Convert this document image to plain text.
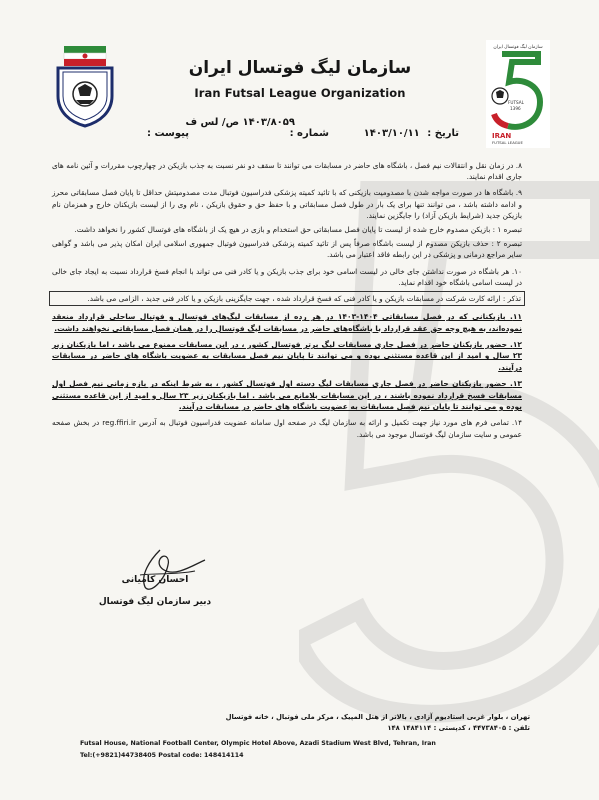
سازمان لیگ فوتسال ایران
FUTSAL
1396
IRAN
FUTSAL LEAGUE
سازمان لیگ فوتسال ایران
Iran Futsal League Organization
تاریخ : ۱۴۰۳/۱۰/۱۱
شماره :
۱۴۰۳/۸۰۵۹ ص/ لس ف
پیوست :

۸. در زمان نقل و انتقالات نیم فصل ، باشگاه های حاضر در مسابقات می توانند تا سقف دو نفر نسبت به جذب بازیکن در چهارچوب مقررات و آئین نامه های جاری اقدام نمایند.

۹. باشگاه ها در صورت مواجه شدن با مصدومیت بازیکنی که با تائید کمیته پزشکی فدراسیون فوتبال مدت مصدومیتش حداقل تا پایان فصل مسابقاتی محرز و ادامه داشته باشد ، می توانند تنها برای یک بار در طول فصل مسابقاتی و با حفظ حق و حقوق بازیکن ، نام وی را از لیست بازیکنان خارج و همزمان نام بازیکن جدید (شرایط بازیکن آزاد) را جایگزین نمایند.

تبصره ۱ : بازیکن مصدوم خارج شده از لیست تا پایان فصل مسابقاتی حق استخدام و بازی در هیچ یک از باشگاه های فوتسال کشور را نخواهد داشت.

تبصره ۲ : حذف بازیکن مصدوم از لیست باشگاه صرفاً پس از تائید کمیته پزشکی فدراسیون فوتبال جمهوری اسلامی ایران امکان پذیر می باشد و گواهی سایر مراجع درمانی و پزشکی در این رابطه فاقد اعتبار می باشد.

۱۰. هر باشگاه در صورت نداشتن جای خالی در لیست اسامی خود برای جذب بازیکن و یا کادر فنی می تواند با انجام فسخ قرارداد نسبت به ایجاد جای خالی در لیست اسامی باشگاه خود اقدام نماید.

تذکر : ارائه کارت شرکت در مسابقات بازیکن و یا کادر فنی که فسخ قرارداد شده ، جهت جایگزینی بازیکن و یا کادر فنی جدید ، الزامی می باشد.

۱۱. بازیکنانی که در فصل مسابقاتی ۱۴۰۴-۱۴۰۳ در هر رده از مسابقات لیگ‌های فوتسال و فوتبال ساحلی قرارداد منعقد نموده‌اند، به هیچ وجه حق عقد قرارداد با باشگاه‌های حاضر در مسابقات لیگ فوتسال را در همان فصل مسابقاتی نخواهند داشت.

۱۲. حضور بازیکنان حاضر در فصل جاری مسابقات لیگ برتر فوتسال کشور ، در این مسابقات ممنوع می باشد ، اما بازیکنان زیر ۲۳ سال و امید از این قاعده مستثنی بوده و می توانند تا پایان نیم فصل مسابقات به عضویت باشگاه های حاضر در مسابقات درآیند.

۱۳. حضور بازیکنان حاضر در فصل جاری مسابقات لیگ دسته اول فوتسال کشور ، به شرط اینکه در بازه زمانی نیم فصل اول مسابقات فسخ قرارداد نموده باشند ، در این مسابقات بلامانع می باشد . اما بازیکنان زیر ۲۳ سال و امید از این قاعده مستثنی بوده و می توانند تا پایان نیم فصل مسابقات به عضویت باشگاه های حاضر در مسابقات درآیند.

۱۴. تمامی فرم های مورد نیاز جهت تکمیل و ارائه به سازمان لیگ در صفحه اول سامانه عضویت فدراسیون فوتبال به آدرس reg.ffiri.ir در بخش صفحه عمومی و سایت سازمان لیگ فوتسال موجود می باشد.

احسان کامیانی
دبیر سازمان لیگ فوتسال
تهران ، بلوار غربی استادیوم آزادی ، بالاتر از هتل المپیک ، مرکز ملی فوتبال ، خانه فوتسال
تلفن : ۴۴۷۳۸۴۰۵ ، کدپستی : ۱۴۸۴۱۱۴ ۱۴۸
Futsal House, National Football Center, Olympic Hotel Above, Azadi Stadium West Blvd, Tehran, Iran
Tel:(+9821)44738405 Postal code: 148414114
